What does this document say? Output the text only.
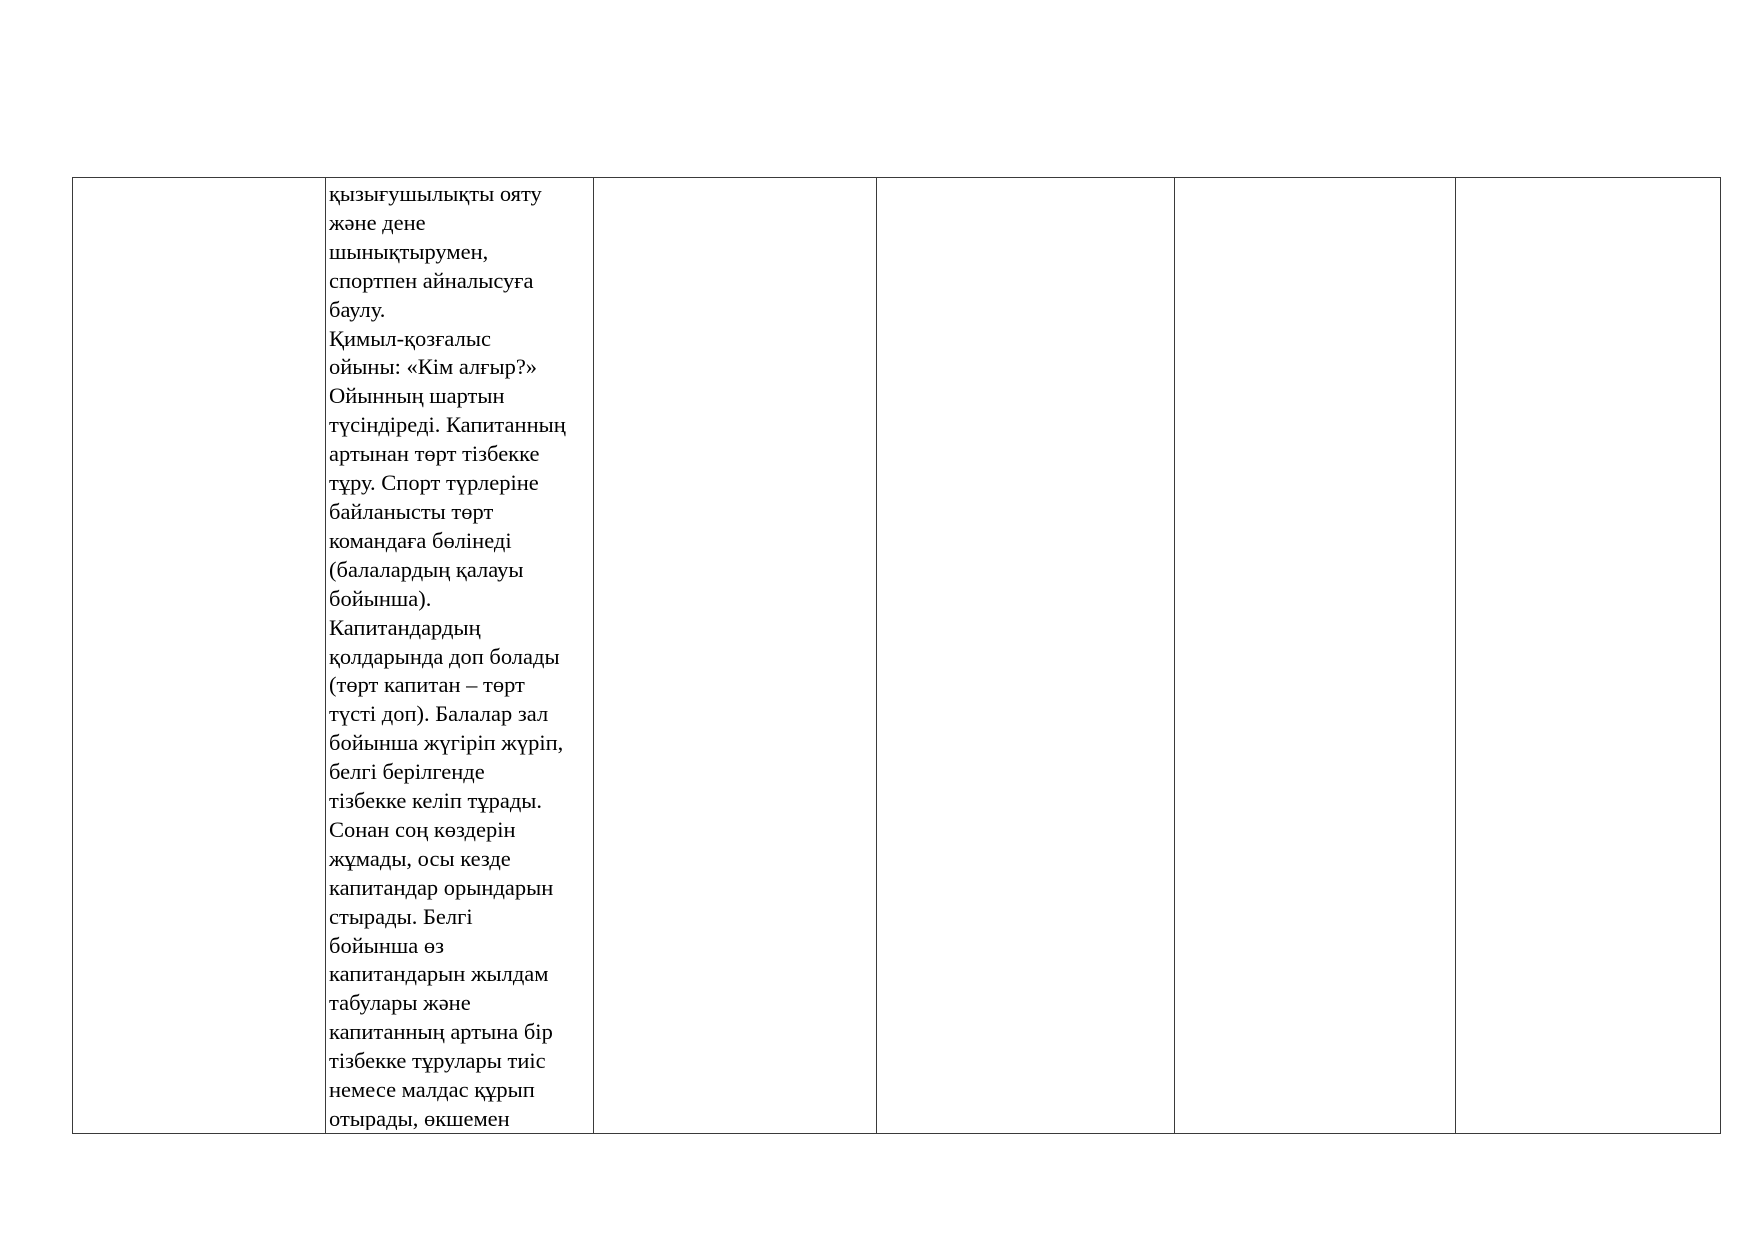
қызығушылықты ояту
және дене
шынықтырумен,
спортпен айналысуға
баулу.
Қимыл-қозғалыс
ойыны: «Кім алғыр?»
Ойынның шартын
түсіндіреді. Капитанның
артынан төрт тізбекке
тұру. Спорт түрлеріне
байланысты төрт
командаға бөлінеді
(балалардың қалауы
бойынша).
Капитандардың
қолдарында доп болады
(төрт капитан – төрт
түсті доп). Балалар зал
бойынша жүгіріп жүріп,
белгі берілгенде
тізбекке келіп тұрады.
Сонан соң көздерін
жұмады, осы кезде
капитандар орындарын
стырады. Белгі
бойынша өз
капитандарын жылдам
табулары және
капитанның артына бір
тізбекке тұрулары тиіс
немесе малдас құрып
отырады, өкшемен
